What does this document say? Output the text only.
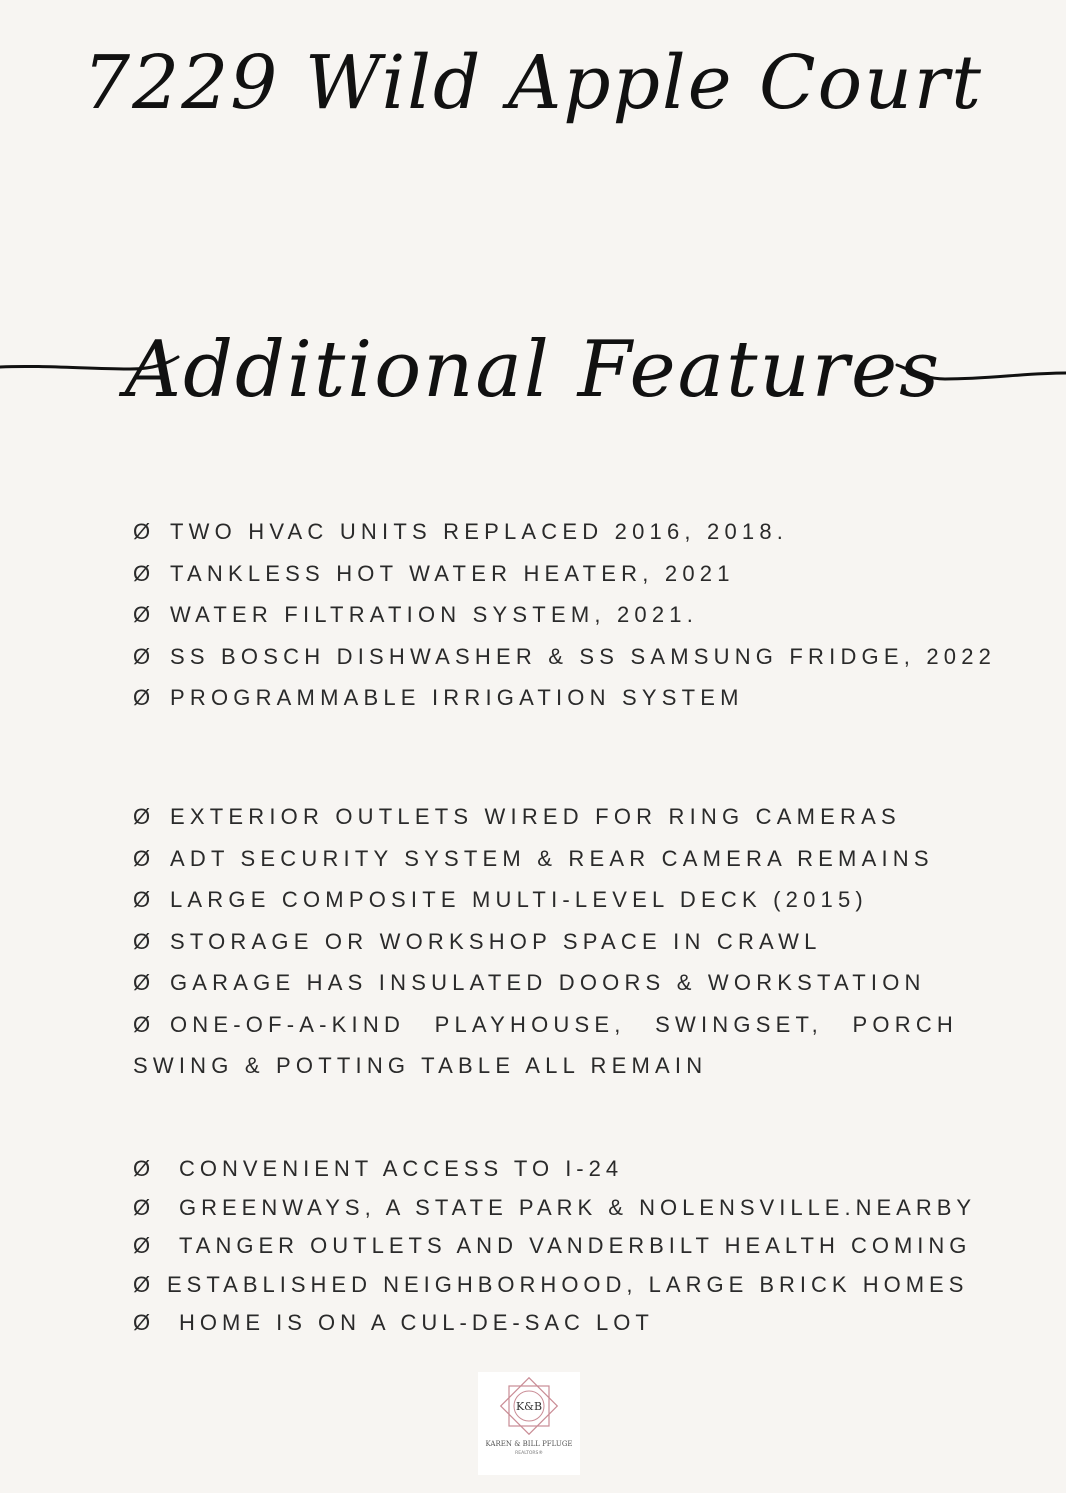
7229 Wild Apple Court
Additional Features
Ø TWO HVAC UNITS REPLACED 2016, 2018.
Ø TANKLESS HOT WATER HEATER, 2021
Ø WATER FILTRATION SYSTEM, 2021.
Ø SS BOSCH DISHWASHER & SS SAMSUNG FRIDGE, 2022
Ø PROGRAMMABLE IRRIGATION SYSTEM
Ø EXTERIOR OUTLETS WIRED FOR RING CAMERAS
Ø ADT SECURITY SYSTEM & REAR CAMERA REMAINS
Ø LARGE COMPOSITE MULTI-LEVEL DECK (2015)
Ø STORAGE OR WORKSHOP SPACE IN CRAWL
Ø GARAGE HAS INSULATED DOORS & WORKSTATION
Ø ONE-OF-A-KIND PLAYHOUSE, SWINGSET, PORCH SWING & POTTING TABLE ALL REMAIN
Ø CONVENIENT ACCESS TO I-24
Ø GREENWAYS, A STATE PARK & NOLENSVILLE.NEARBY
Ø TANGER OUTLETS AND VANDERBILT HEALTH COMING
Ø ESTABLISHED NEIGHBORHOOD, LARGE BRICK HOMES
Ø HOME IS ON A CUL-DE-SAC LOT
K&B
KAREN & BILL PFLUGE
REALTORS®
